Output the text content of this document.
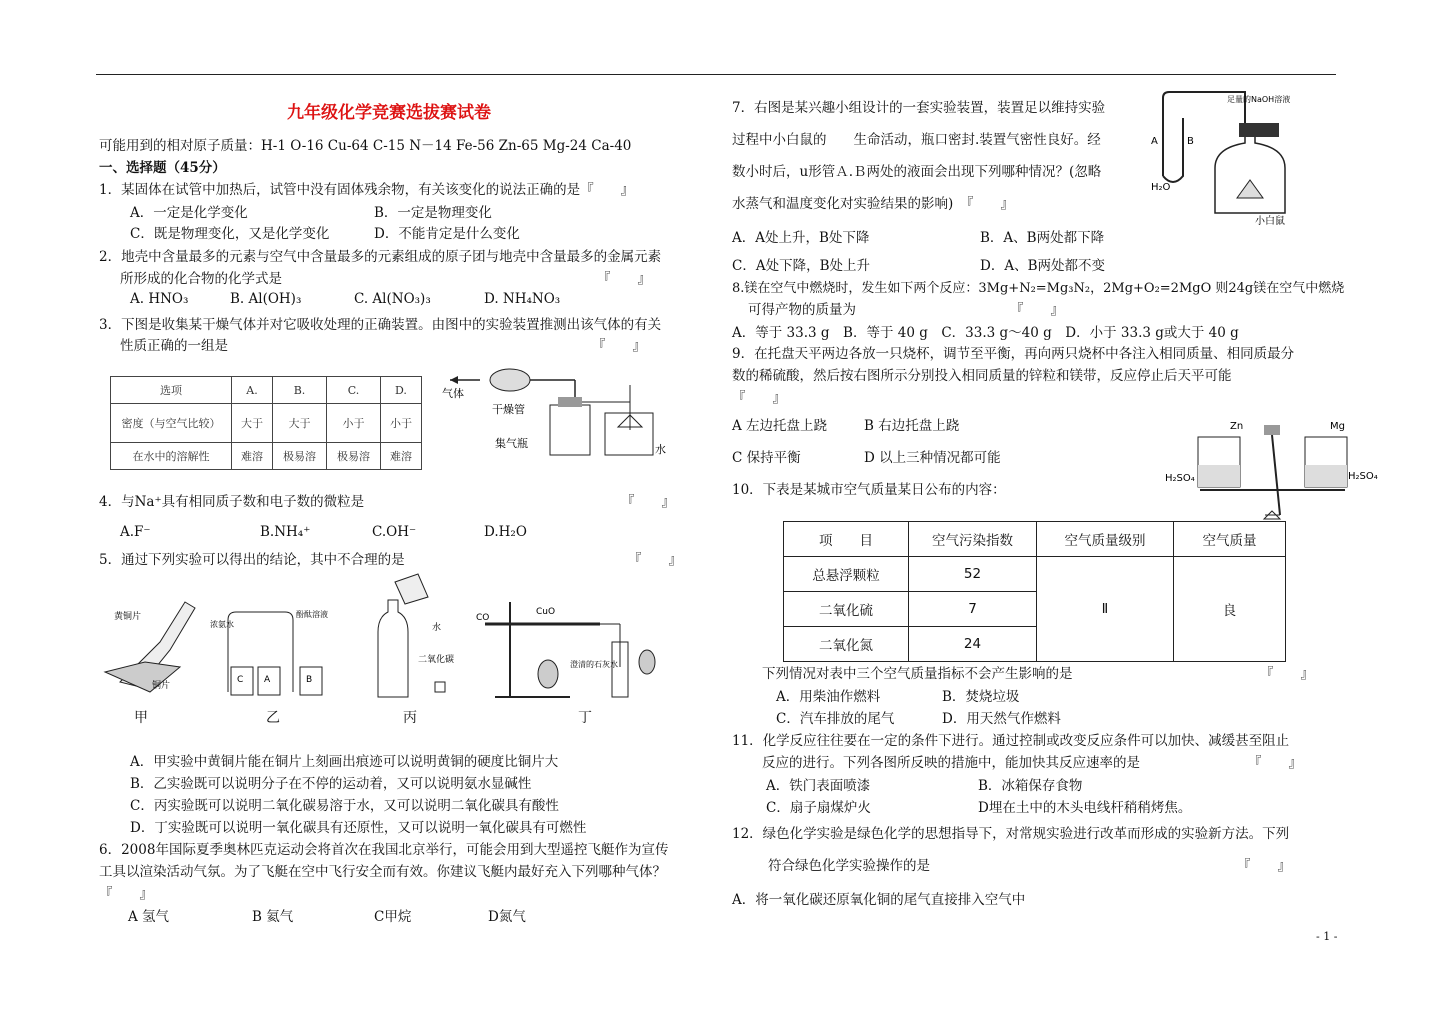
九年级化学竞赛选拔赛试卷
可能用到的相对原子质量：H-1 O-16 Cu-64 C-15 N－14 Fe-56 Zn-65 Mg-24 Ca-40
一、选择题（45分）
1．某固体在试管中加热后，试管中没有固体残余物，有关该变化的说法正确的是『　　』
A．一定是化学变化	B．一定是物理变化
C．既是物理变化，又是化学变化	D．不能肯定是什么变化
2．地壳中含量最多的元素与空气中含量最多的元素组成的原子团与地壳中含量最多的金属元素
所形成的化合物的化学式是	『　　』
A. HNO₃	B. Al(OH)₃	C. Al(NO₃)₃	D. NH₄NO₃
3．下图是收集某干燥气体并对它吸收处理的正确装置。由图中的实验装置推测出该气体的有关
性质正确的一组是	『　　』
选项	A.	B.	C.	D.
密度（与空气比较）	大于	大于	小于	小于
在水中的溶解性	难溶	极易溶	极易溶	难溶
气体
干燥管
集气瓶	水
4．与Na⁺具有相同质子数和电子数的微粒是	『　　』
A.F⁻	B.NH₄⁺	C.OH⁻	D.H₂O
5．通过下列实验可以得出的结论，其中不合理的是	『　　』
黄铜片
铜片
C A	B
浓氨水
酚酞溶液
水
二氧化碳
CO
CuO
澄清的石灰水
甲	乙	丙	丁
A．甲实验中黄铜片能在铜片上刻画出痕迹可以说明黄铜的硬度比铜片大
B．乙实验既可以说明分子在不停的运动着，又可以说明氨水显碱性
C．丙实验既可以说明二氧化碳易溶于水，又可以说明二氧化碳具有酸性
D．丁实验既可以说明一氧化碳具有还原性，又可以说明一氧化碳具有可燃性
6．2008年国际夏季奥林匹克运动会将首次在我国北京举行，可能会用到大型遥控飞艇作为宣传
工具以渲染活动气氛。为了飞艇在空中飞行安全而有效。你建议飞艇内最好充入下列哪种气体？
『　　』
A 氢气	B 氦气	C甲烷	D氮气
7．右图是某兴趣小组设计的一套实验装置，装置足以维持实验
过程中小白鼠的　　生命活动，瓶口密封.装置气密性良好。经
数小时后，u形管Ａ.Ｂ两处的液面会出现下列哪种情况？(忽略
水蒸气和温度变化对实验结果的影响)　『　　』
足量的NaOH溶液
A	B
H₂O
小白鼠
A．A处上升，B处下降	B．A、B两处都下降
C．A处下降，B处上升	D．A、B两处都不变
8.镁在空气中燃烧时，发生如下两个反应：3Mg+N₂=Mg₃N₂，2Mg+O₂=2MgO 则24g镁在空气中燃烧
可得产物的质量为	『　　』
A．等于 33.3 g　B．等于 40 g　C．33.3 g～40 g　D．小于 33.3 g或大于 40 g
9．在托盘天平两边各放一只烧杯，调节至平衡，再向两只烧杯中各注入相同质量、相同质最分
数的稀硫酸，然后按右图所示分别投入相同质量的锌粒和镁带，反应停止后天平可能
『　　』
A 左边托盘上跷	B 右边托盘上跷
C 保持平衡	D 以上三种情况都可能
Zn	Mg
H₂SO₄	H₂SO₄
10．下表是某城市空气质量某日公布的内容：
项　　目	空气污染指数	空气质量级别	空气质量
总悬浮颗粒	52	Ⅱ	良
二氧化硫	7		
二氧化氮	24		
下列情况对表中三个空气质量指标不会产生影响的是	『　　』
A．用柴油作燃料	B．焚烧垃圾
C．汽车排放的尾气	D．用天然气作燃料
11．化学反应往往要在一定的条件下进行。通过控制或改变反应条件可以加快、减缓甚至阻止
反应的进行。下列各图所反映的措施中，能加快其反应速率的是	『　　』
A．铁门表面喷漆	B．冰箱保存食物
C．扇子扇煤炉火	D埋在土中的木头电线杆稍稍烤焦。
12．绿色化学实验是绿色化学的思想指导下，对常规实验进行改革而形成的实验新方法。下列
符合绿色化学实验操作的是	『　　』
A．将一氧化碳还原氧化铜的尾气直接排入空气中
- 1 -
